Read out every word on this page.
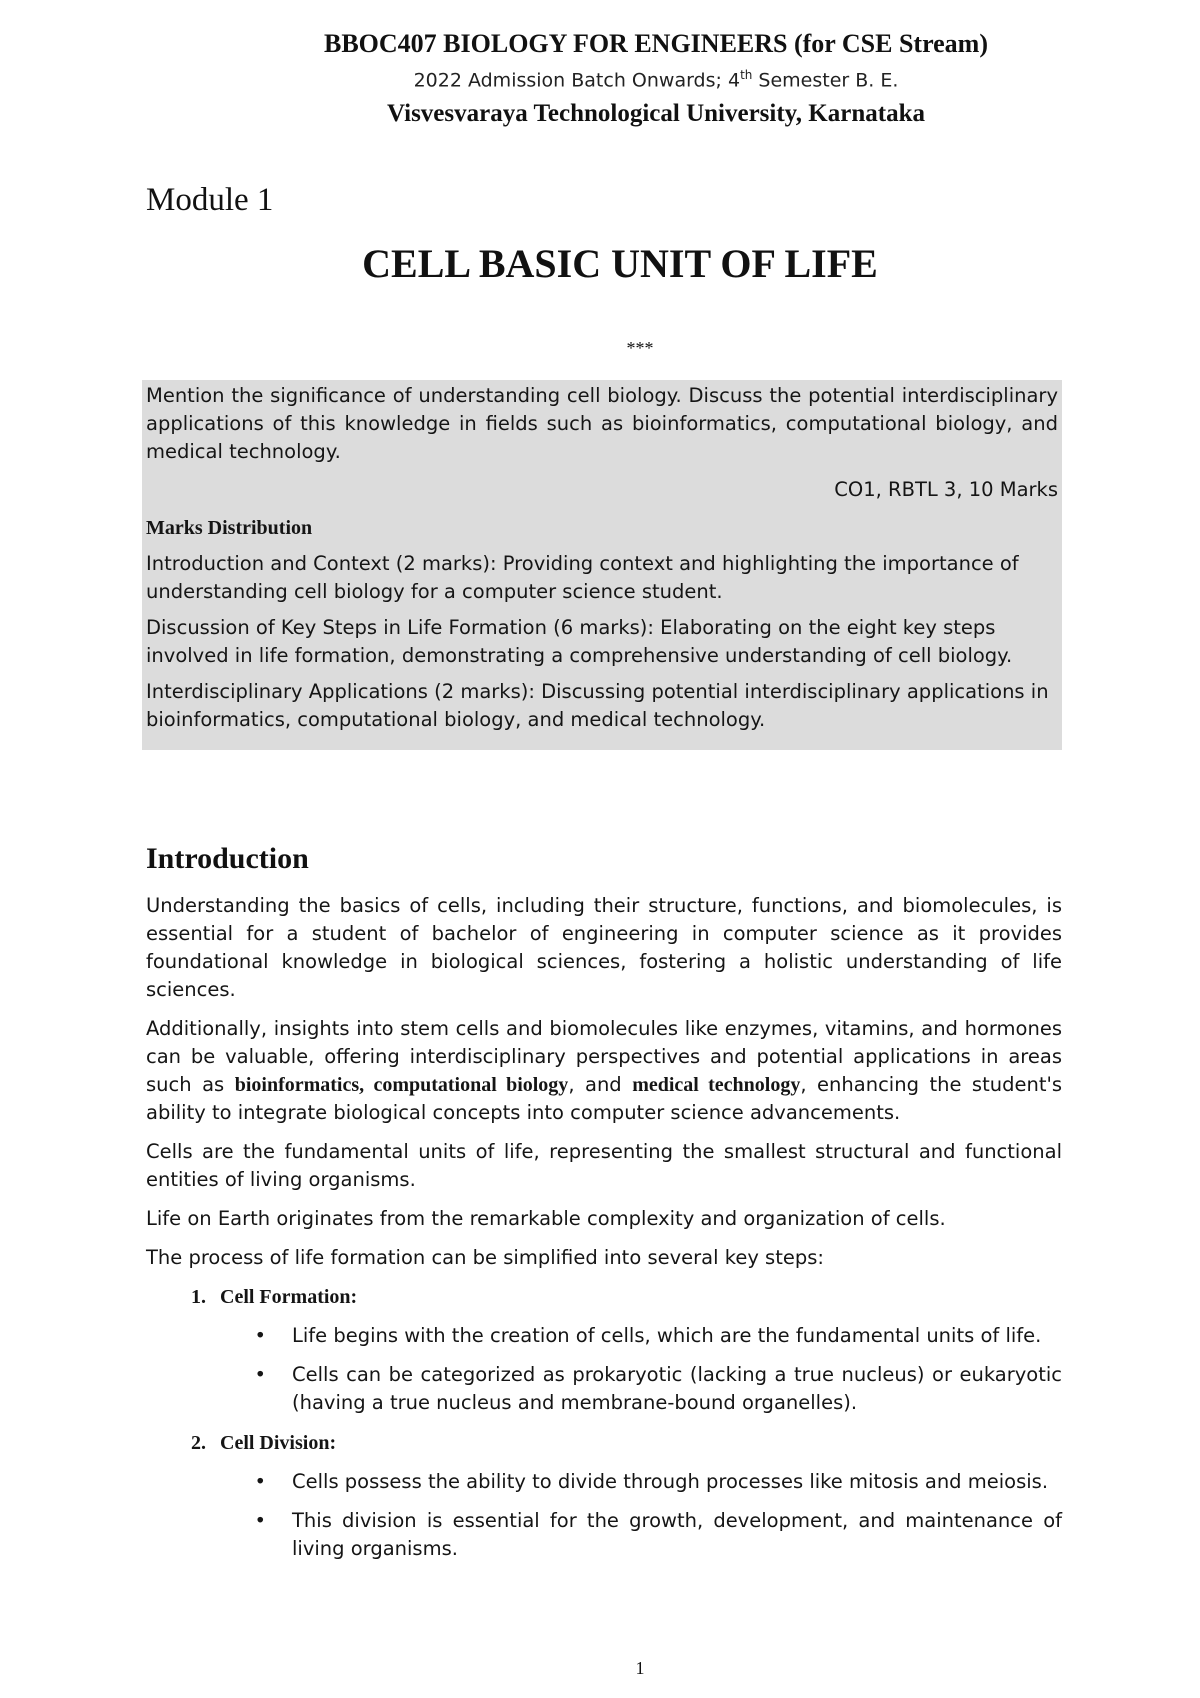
BBOC407 BIOLOGY FOR ENGINEERS (for CSE Stream)
2022 Admission Batch Onwards; 4th Semester B. E.
Visvesvaraya Technological University, Karnataka
Module 1
CELL BASIC UNIT OF LIFE
***

Mention the significance of understanding cell biology. Discuss the potential interdisciplinary applications of this knowledge in fields such as bioinformatics, computational biology, and medical technology.

CO1, RBTL 3, 10 Marks

Marks Distribution

Introduction and Context (2 marks): Providing context and highlighting the importance of understanding cell biology for a computer science student.

Discussion of Key Steps in Life Formation (6 marks): Elaborating on the eight key steps involved in life formation, demonstrating a comprehensive understanding of cell biology.

Interdisciplinary Applications (2 marks): Discussing potential interdisciplinary applications in bioinformatics, computational biology, and medical technology.

Introduction

Understanding the basics of cells, including their structure, functions, and biomolecules, is essential for a student of bachelor of engineering in computer science as it provides foundational knowledge in biological sciences, fostering a holistic understanding of life sciences.

Additionally, insights into stem cells and biomolecules like enzymes, vitamins, and hormones can be valuable, offering interdisciplinary perspectives and potential applications in areas such as bioinformatics, computational biology, and medical technology, enhancing the student's ability to integrate biological concepts into computer science advancements.

Cells are the fundamental units of life, representing the smallest structural and functional entities of living organisms.

Life on Earth originates from the remarkable complexity and organization of cells.

The process of life formation can be simplified into several key steps:

1. Cell Formation:
•	Life begins with the creation of cells, which are the fundamental units of life.
•	Cells can be categorized as prokaryotic (lacking a true nucleus) or eukaryotic (having a true nucleus and membrane-bound organelles).
2. Cell Division:
•	Cells possess the ability to divide through processes like mitosis and meiosis.
•	This division is essential for the growth, development, and maintenance of living organisms.
1
